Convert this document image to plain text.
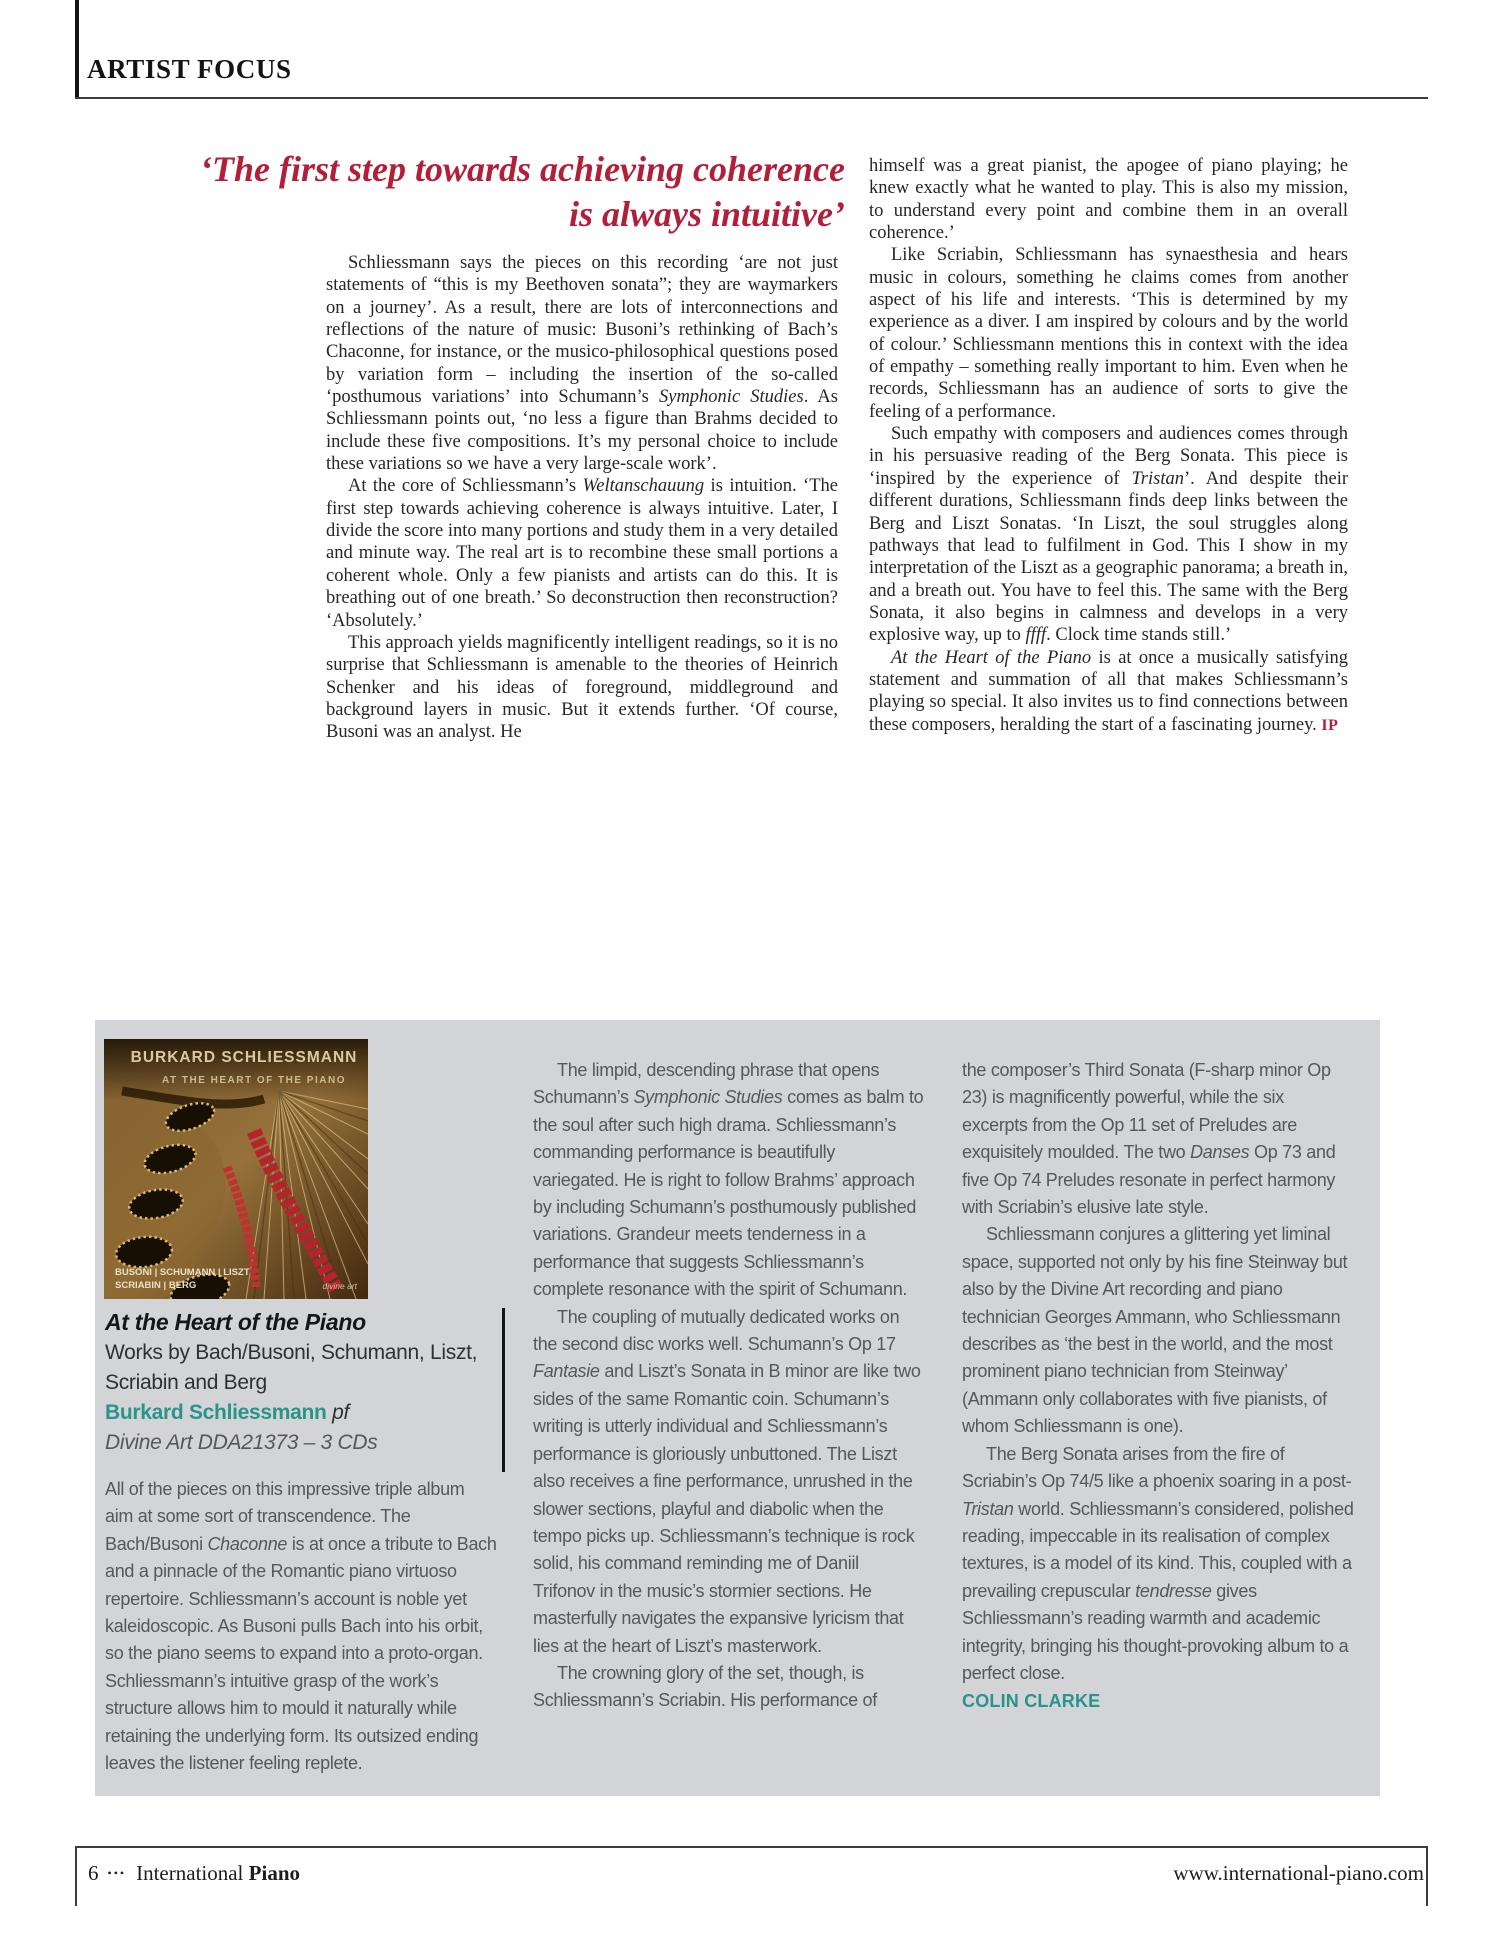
ARTIST FOCUS
‘The first step towards achieving coherence
is always intuitive’

Schliessmann says the pieces on this recording ‘are not just statements of “this is my Beethoven sonata”; they are waymarkers on a journey’. As a result, there are lots of interconnections and reflections of the nature of music: Busoni’s rethinking of Bach’s Chaconne, for instance, or the musico-philosophical questions posed by variation form – including the insertion of the so-called ‘posthumous variations’ into Schumann’s Symphonic Studies. As Schliessmann points out, ‘no less a figure than Brahms decided to include these five compositions. It’s my personal choice to include these variations so we have a very large-scale work’.

At the core of Schliessmann’s Weltanschauung is intuition. ‘The first step towards achieving coherence is always intuitive. Later, I divide the score into many portions and study them in a very detailed and minute way. The real art is to recombine these small portions a coherent whole. Only a few pianists and artists can do this. It is breathing out of one breath.’ So deconstruction then reconstruction? ‘Absolutely.’

This approach yields magnificently intelligent readings, so it is no surprise that Schliessmann is amenable to the theories of Heinrich Schenker and his ideas of foreground, middleground and background layers in music. But it extends further. ‘Of course, Busoni was an analyst. He

himself was a great pianist, the apogee of piano playing; he knew exactly what he wanted to play. This is also my mission, to understand every point and combine them in an overall coherence.’

Like Scriabin, Schliessmann has synaesthesia and hears music in colours, something he claims comes from another aspect of his life and interests. ‘This is determined by my experience as a diver. I am inspired by colours and by the world of colour.’ Schliessmann mentions this in context with the idea of empathy – something really important to him. Even when he records, Schliessmann has an audience of sorts to give the feeling of a performance.

Such empathy with composers and audiences comes through in his persuasive reading of the Berg Sonata. This piece is ‘inspired by the experience of Tristan’. And despite their different durations, Schliessmann finds deep links between the Berg and Liszt Sonatas. ‘In Liszt, the soul struggles along pathways that lead to fulfilment in God. This I show in my interpretation of the Liszt as a geographic panorama; a breath in, and a breath out. You have to feel this. The same with the Berg Sonata, it also begins in calmness and develops in a very explosive way, up to ffff. Clock time stands still.’

At the Heart of the Piano is at once a musically satisfying statement and summation of all that makes Schliessmann’s playing so special. It also invites us to find connections between these composers, heralding the start of a fascinating journey. IP

BURKARD SCHLIESSMANN
AT THE HEART OF THE PIANO
BUSONI | SCHUMANN | LISZT
SCRIABIN | BERG	divine art
At the Heart of the Piano
Works by Bach/Busoni, Schumann, Liszt,
Scriabin and Berg
Burkard Schliessmann pf
Divine Art DDA21373 – 3 CDs

All of the pieces on this impressive triple album aim at some sort of transcendence. The Bach/Busoni Chaconne is at once a tribute to Bach and a pinnacle of the Romantic piano virtuoso repertoire. Schliessmann’s account is noble yet kaleidoscopic. As Busoni pulls Bach into his orbit, so the piano seems to expand into a proto-organ. Schliessmann’s intuitive grasp of the work’s structure allows him to mould it naturally while retaining the underlying form. Its outsized ending leaves the listener feeling replete.

The limpid, descending phrase that opens Schumann’s Symphonic Studies comes as balm to the soul after such high drama. Schliessmann’s commanding performance is beautifully variegated. He is right to follow Brahms’ approach by including Schumann’s posthumously published variations. Grandeur meets tenderness in a performance that suggests Schliessmann’s complete resonance with the spirit of Schumann.

The coupling of mutually dedicated works on the second disc works well. Schumann’s Op 17 Fantasie and Liszt’s Sonata in B minor are like two sides of the same Romantic coin. Schumann’s writing is utterly individual and Schliessmann’s performance is gloriously unbuttoned. The Liszt also receives a fine performance, unrushed in the slower sections, playful and diabolic when the tempo picks up. Schliessmann’s technique is rock solid, his command reminding me of Daniil Trifonov in the music’s stormier sections. He masterfully navigates the expansive lyricism that lies at the heart of Liszt’s masterwork.

The crowning glory of the set, though, is Schliessmann’s Scriabin. His performance of

the composer’s Third Sonata (F-sharp minor Op 23) is magnificently powerful, while the six excerpts from the Op 11 set of Preludes are exquisitely moulded. The two Danses Op 73 and five Op 74 Preludes resonate in perfect harmony with Scriabin’s elusive late style.

Schliessmann conjures a glittering yet liminal space, supported not only by his fine Steinway but also by the Divine Art recording and piano technician Georges Ammann, who Schliessmann describes as ‘the best in the world, and the most prominent piano technician from Steinway’ (Ammann only collaborates with five pianists, of whom Schliessmann is one).

The Berg Sonata arises from the fire of Scriabin’s Op 74/5 like a phoenix soaring in a post-Tristan world. Schliessmann’s considered, polished reading, impeccable in its realisation of complex textures, is a model of its kind. This, coupled with a prevailing crepuscular tendresse gives Schliessmann’s reading warmth and academic integrity, bringing his thought-provoking album to a perfect close.

COLIN CLARKE
6 ••• International Piano	www.international-piano.com
